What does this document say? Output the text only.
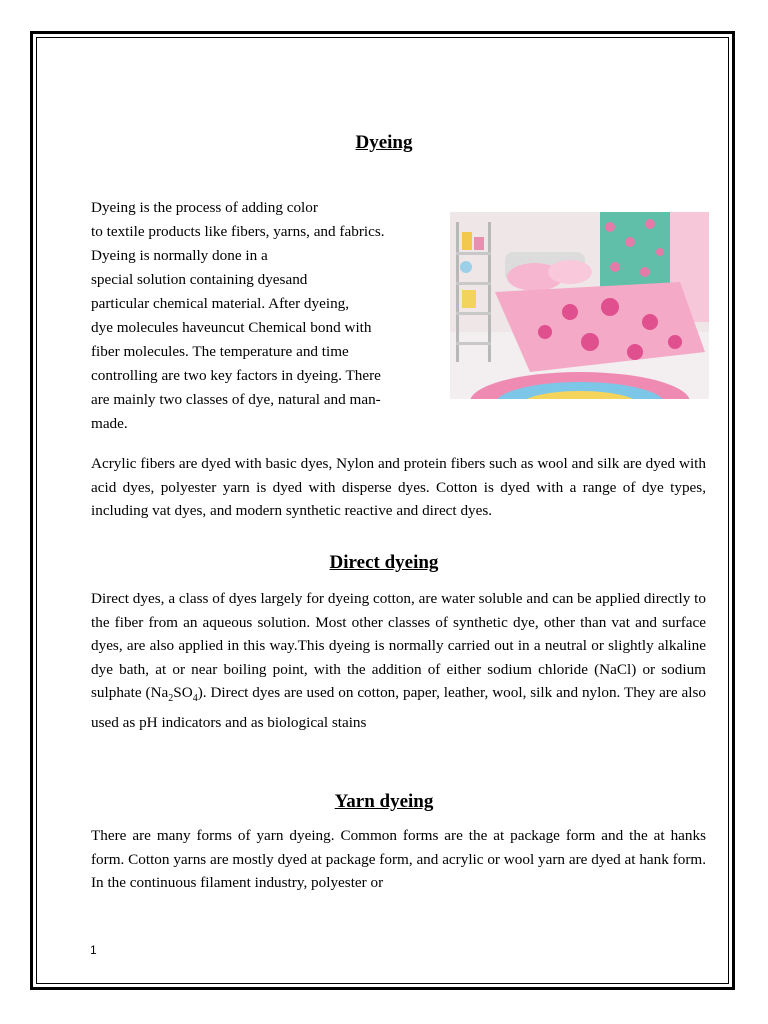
Dyeing
Dyeing is the process of adding color
to textile products like fibers, yarns, and fabrics.
Dyeing is normally done in a
special solution containing dyesand
particular chemical material. After dyeing,
dye molecules haveuncut Chemical bond with
fiber molecules. The temperature and time
controlling are two key factors in dyeing. There
are mainly two classes of dye, natural and man-
made.

Acrylic fibers are dyed with basic dyes, Nylon and protein fibers such as wool and silk are dyed with acid dyes, polyester yarn is dyed with disperse dyes. Cotton is dyed with a range of dye types, including vat dyes, and modern synthetic reactive and direct dyes.

Direct dyeing

Direct dyes, a class of dyes largely for dyeing cotton, are water soluble and can be applied directly to the fiber from an aqueous solution. Most other classes of synthetic dye, other than vat and surface dyes, are also applied in this way.This dyeing is normally carried out in a neutral or slightly alkaline dye bath, at or near boiling point, with the addition of either sodium chloride (NaCl) or sodium sulphate $(Na_2SO_4)$. Direct dyes are used on cotton, paper, leather, wool, silk and nylon. They are also used as pH indicators and as biological stains

Yarn dyeing

There are many forms of yarn dyeing. Common forms are the at package form and the at hanks form. Cotton yarns are mostly dyed at package form, and acrylic or wool yarn are dyed at hank form. In the continuous filament industry, polyester or

1
